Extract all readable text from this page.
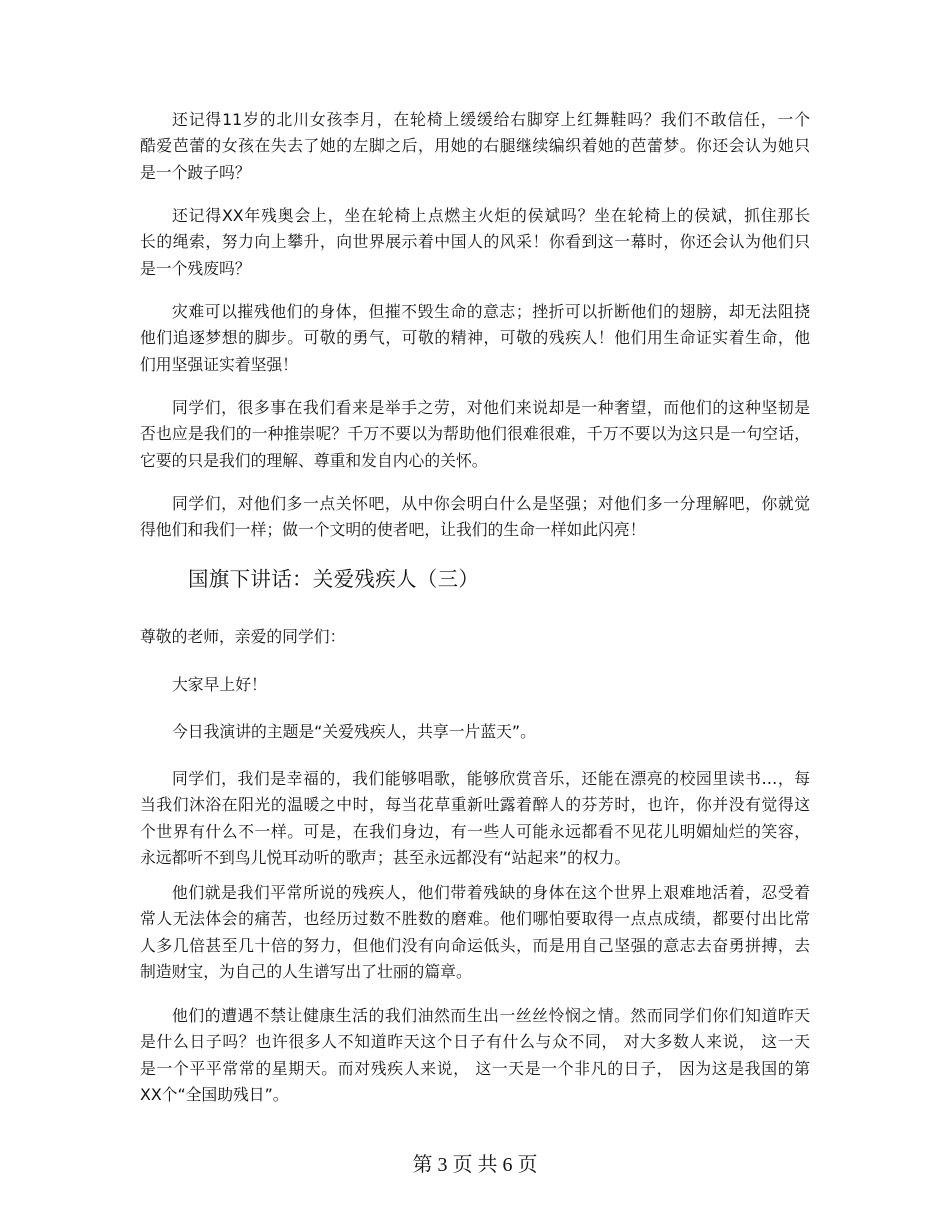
还记得11岁的北川女孩李月，在轮椅上缓缓给右脚穿上红舞鞋吗？我们不敢信任，一个
酷爱芭蕾的女孩在失去了她的左脚之后，用她的右腿继续编织着她的芭蕾梦。你还会认为她只
是一个跛子吗？
还记得XX年残奥会上，坐在轮椅上点燃主火炬的侯斌吗？坐在轮椅上的侯斌，抓住那长
长的绳索，努力向上攀升，向世界展示着中国人的风采！你看到这一幕时，你还会认为他们只
是一个残废吗？
灾难可以摧残他们的身体，但摧不毁生命的意志；挫折可以折断他们的翅膀，却无法阻挠
他们追逐梦想的脚步。可敬的勇气，可敬的精神，可敬的残疾人！他们用生命证实着生命，他
们用坚强证实着坚强！
同学们，很多事在我们看来是举手之劳，对他们来说却是一种奢望，而他们的这种坚韧是
否也应是我们的一种推崇呢？千万不要以为帮助他们很难很难，千万不要以为这只是一句空话，
它要的只是我们的理解、尊重和发自内心的关怀。
同学们，对他们多一点关怀吧，从中你会明白什么是坚强；对他们多一分理解吧，你就觉
得他们和我们一样；做一个文明的使者吧，让我们的生命一样如此闪亮！
国旗下讲话：关爱残疾人（三）
尊敬的老师，亲爱的同学们：
大家早上好！
今日我演讲的主题是“关爱残疾人，共享一片蓝天”。
同学们，我们是幸福的，我们能够唱歌，能够欣赏音乐，还能在漂亮的校园里读书…，每
当我们沐浴在阳光的温暖之中时，每当花草重新吐露着醉人的芬芳时，也许，你并没有觉得这
个世界有什么不一样。可是，在我们身边，有一些人可能永远都看不见花儿明媚灿烂的笑容，
永远都听不到鸟儿悦耳动听的歌声；甚至永远都没有“站起来”的权力。
他们就是我们平常所说的残疾人，他们带着残缺的身体在这个世界上艰难地活着，忍受着
常人无法体会的痛苦，也经历过数不胜数的磨难。他们哪怕要取得一点点成绩，都要付出比常
人多几倍甚至几十倍的努力，但他们没有向命运低头，而是用自己坚强的意志去奋勇拼搏，去
制造财宝，为自己的人生谱写出了壮丽的篇章。
他们的遭遇不禁让健康生活的我们油然而生出一丝丝怜悯之情。然而同学们你们知道昨天
是什么日子吗？也许很多人不知道昨天这个日子有什么与众不同， 对大多数人来说， 这一天
是一个平平常常的星期天。而对残疾人来说， 这一天是一个非凡的日子， 因为这是我国的第
XX个“全国助残日”。
第 3 页 共 6 页
